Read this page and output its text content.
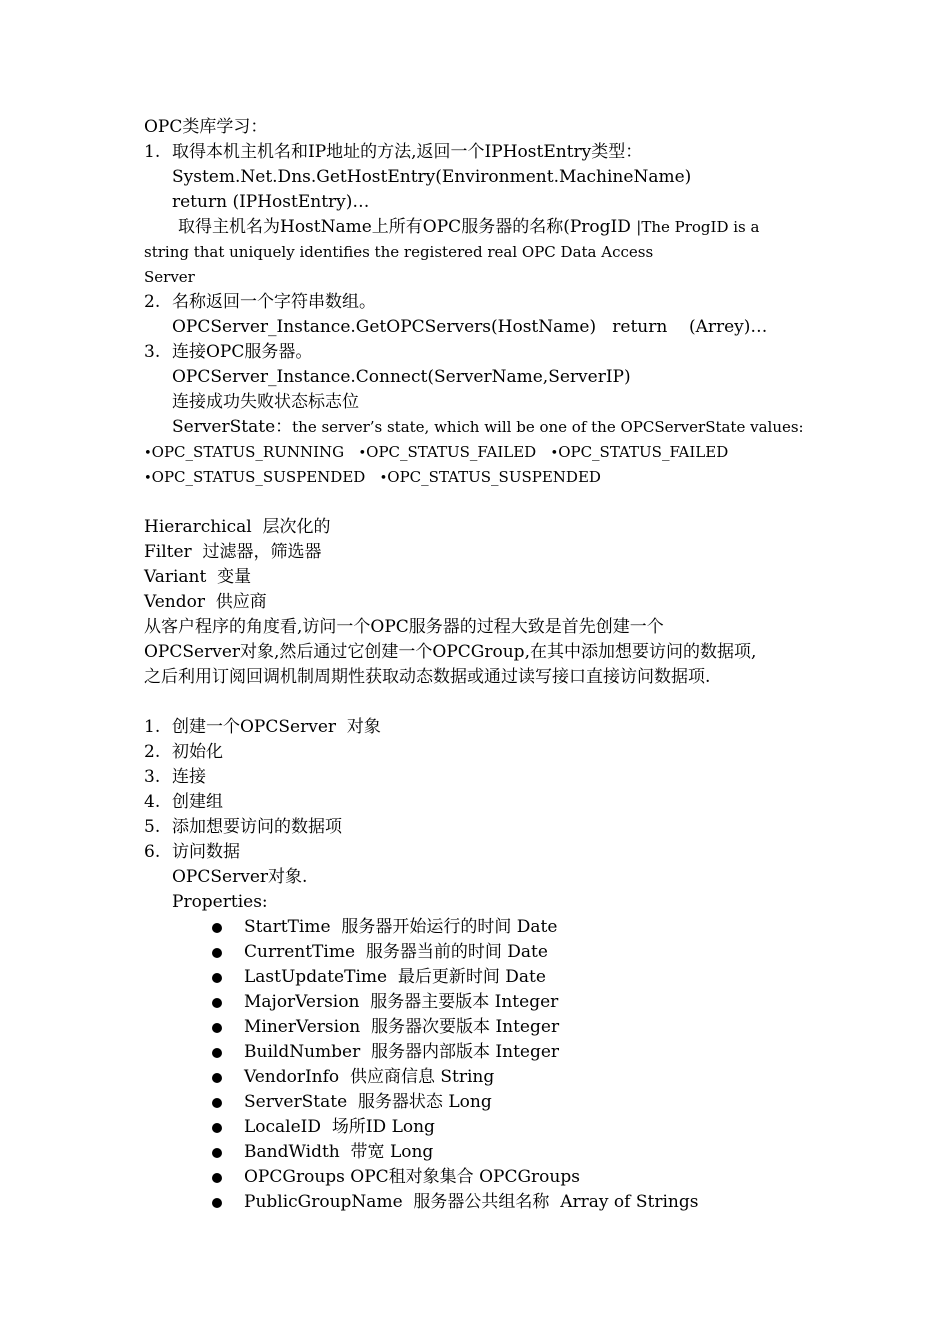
OPC类库学习：
1. 取得本机主机名和IP地址的方法,返回一个IPHostEntry类型：
System.Net.Dns.GetHostEntry(Environment.MachineName)
return (IPHostEntry)…
取得主机名为HostName上所有OPC服务器的名称(ProgID |The ProgID is a
string that uniquely identifies the registered real OPC Data Access
Server
2. 名称返回一个字符串数组。
OPCServer_Instance.GetOPCServers(HostName)   return    (Arrey)…
3. 连接OPC服务器。
OPCServer_Instance.Connect(ServerName,ServerIP)
连接成功失败状态标志位
ServerState：the server’s state, which will be one of the OPCServerState values:
•OPC_STATUS_RUNNING •OPC_STATUS_FAILED •OPC_STATUS_FAILED
•OPC_STATUS_SUSPENDED •OPC_STATUS_SUSPENDED
Hierarchical  层次化的
Filter  过滤器，筛选器
Variant  变量
Vendor  供应商
从客户程序的角度看,访问一个OPC服务器的过程大致是首先创建一个
OPCServer对象,然后通过它创建一个OPCGroup,在其中添加想要访问的数据项,
之后利用订阅回调机制周期性获取动态数据或通过读写接口直接访问数据项.
1. 创建一个OPCServer  对象
2. 初始化
3. 连接
4. 创建组
5. 添加想要访问的数据项
6. 访问数据
OPCServer对象.
Properties:
StartTime  服务器开始运行的时间 Date
CurrentTime  服务器当前的时间 Date
LastUpdateTime  最后更新时间 Date
MajorVersion  服务器主要版本 Integer
MinerVersion  服务器次要版本 Integer
BuildNumber  服务器内部版本 Integer
VendorInfo  供应商信息 String
ServerState  服务器状态 Long
LocaleID  场所ID Long
BandWidth  带宽 Long
OPCGroups OPC租对象集合 OPCGroups
PublicGroupName  服务器公共组名称  Array of Strings
